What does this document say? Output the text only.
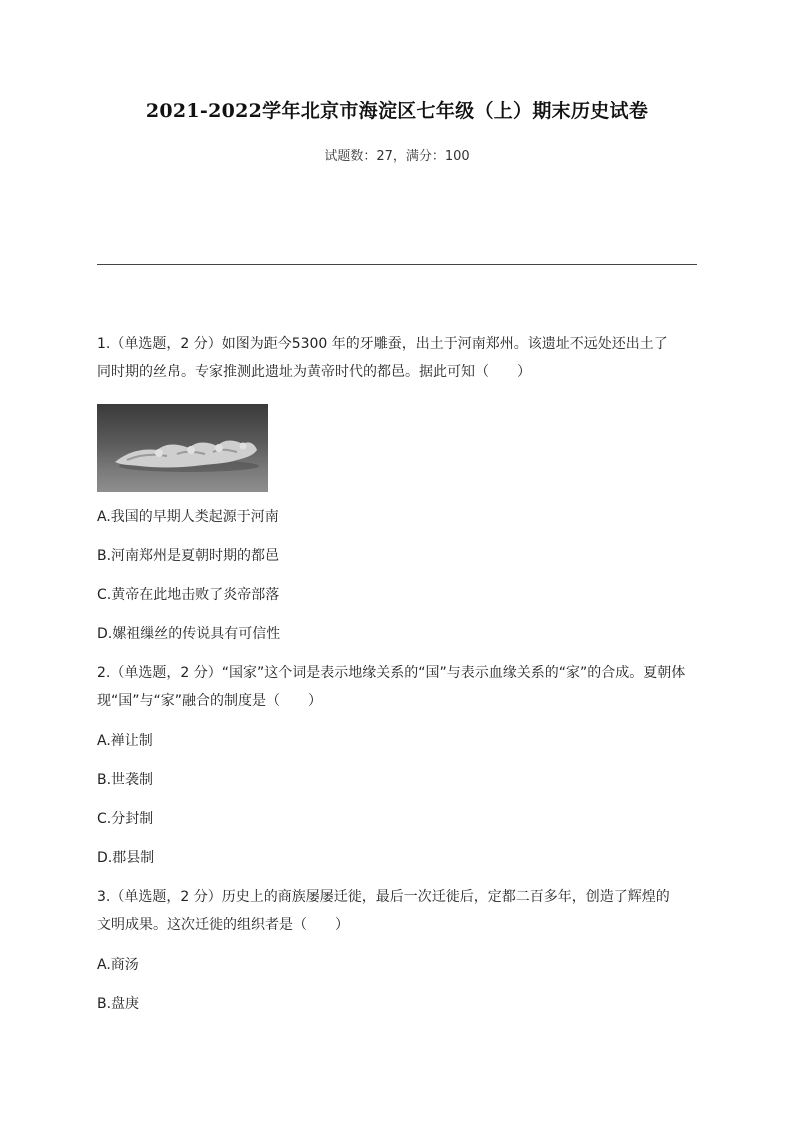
2021-2022学年北京市海淀区七年级（上）期末历史试卷
试题数：27，满分：100
1.（单选题，2 分）如图为距今5300 年的牙雕蚕，出土于河南郑州。该遗址不远处还出土了
同时期的丝帛。专家推测此遗址为黄帝时代的都邑。据此可知（　　）
A.我国的早期人类起源于河南
B.河南郑州是夏朝时期的都邑
C.黄帝在此地击败了炎帝部落
D.嫘祖缫丝的传说具有可信性
2.（单选题，2 分）“国家”这个词是表示地缘关系的“国”与表示血缘关系的“家”的合成。夏朝体
现“国”与“家”融合的制度是（　　）
A.禅让制
B.世袭制
C.分封制
D.郡县制
3.（单选题，2 分）历史上的商族屡屡迁徙，最后一次迁徙后，定都二百多年，创造了辉煌的
文明成果。这次迁徙的组织者是（　　）
A.商汤
B.盘庚
